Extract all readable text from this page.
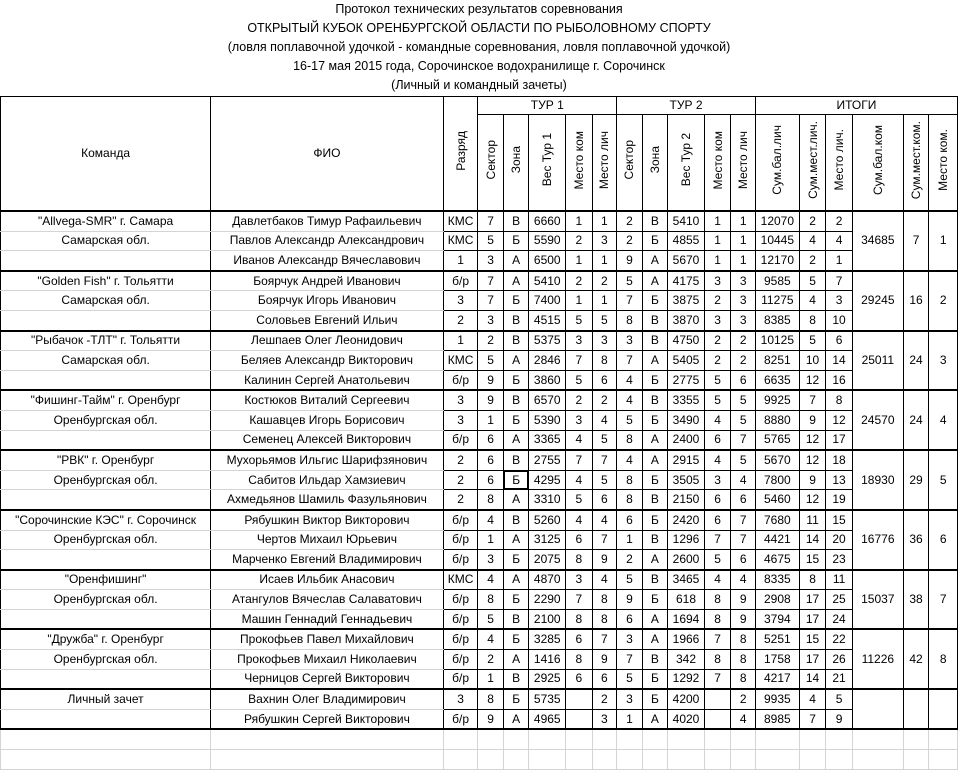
Протокол технических результатов соревнования
ОТКРЫТЫЙ КУБОК ОРЕНБУРГСКОЙ ОБЛАСТИ ПО РЫБОЛОВНОМУ СПОРТУ
(ловля поплавочной удочкой - командные соревнования, ловля поплавочной удочкой)
16-17 мая 2015 года, Сорочинское водохранилище г. Сорочинск
(Личный и командный зачеты)
Команда	ФИО	Разряд	ТУР 1					ТУР 2					ИТОГИ					
			Сектор	Зона	Вес Тур 1	Место ком	Место лич	Сектор	Зона	Вес Тур 2	Место ком	Место лич	Сум.бал.лич	Сум.мест.лич.	Место лич.	Сум.бал.ком	Сум.мест.ком.	Место ком.
"Allvega-SMR" г. Самара	Давлетбаков Тимур Рафаильевич	КМС	7	В	6660	1	1	2	В	5410	1	1	12070	2	2	34685	7	1
Самарская обл.	Павлов Александр Александрович	КМС	5	Б	5590	2	3	2	Б	4855	1	1	10445	4	4			
	Иванов Александр Вячеславович	1	3	А	6500	1	1	9	А	5670	1	1	12170	2	1			
"Golden Fish" г. Тольятти	Боярчук Андрей Иванович	б/р	7	А	5410	2	2	5	А	4175	3	3	9585	5	7	29245	16	2
Самарская обл.	Боярчук Игорь Иванович	3	7	Б	7400	1	1	7	Б	3875	2	3	11275	4	3			
	Соловьев Евгений Ильич	2	3	В	4515	5	5	8	В	3870	3	3	8385	8	10			
"Рыбачок -ТЛТ" г. Тольятти	Лешпаев Олег Леонидович	1	2	В	5375	3	3	3	В	4750	2	2	10125	5	6	25011	24	3
Самарская обл.	Беляев Александр Викторович	КМС	5	А	2846	7	8	7	А	5405	2	2	8251	10	14			
	Калинин Сергей Анатольевич	б/р	9	Б	3860	5	6	4	Б	2775	5	6	6635	12	16			
"Фишинг-Тайм" г. Оренбург	Костюков Виталий Сергеевич	3	9	В	6570	2	2	4	В	3355	5	5	9925	7	8	24570	24	4
Оренбургская обл.	Кашавцев Игорь Борисович	3	1	Б	5390	3	4	5	Б	3490	4	5	8880	9	12			
	Семенец Алексей Викторович	б/р	6	А	3365	4	5	8	А	2400	6	7	5765	12	17			
"РВК" г. Оренбург	Мухорьямов Ильгис Шарифзянович	2	6	В	2755	7	7	4	А	2915	4	5	5670	12	18	18930	29	5
Оренбургская обл.	Сабитов Ильдар Хамзиевич	2	6	Б	4295	4	5	8	Б	3505	3	4	7800	9	13			
	Ахмедьянов Шамиль Фазульянович	2	8	А	3310	5	6	8	В	2150	6	6	5460	12	19			
"Сорочинские КЭС" г. Сорочинск	Рябушкин Виктор Викторович	б/р	4	В	5260	4	4	6	Б	2420	6	7	7680	11	15	16776	36	6
Оренбургская обл.	Чертов Михаил Юрьевич	б/р	1	А	3125	6	7	1	В	1296	7	7	4421	14	20			
	Марченко Евгений Владимирович	б/р	3	Б	2075	8	9	2	А	2600	5	6	4675	15	23			
"Оренфишинг"	Исаев Ильбик Анасович	КМС	4	А	4870	3	4	5	В	3465	4	4	8335	8	11	15037	38	7
Оренбургская обл.	Атангулов Вячеслав Салаватович	б/р	8	Б	2290	7	8	9	Б	618	8	9	2908	17	25			
	Машин Геннадий Геннадьевич	б/р	5	В	2100	8	8	6	А	1694	8	9	3794	17	24			
"Дружба" г. Оренбург	Прокофьев Павел Михайлович	б/р	4	Б	3285	6	7	3	А	1966	7	8	5251	15	22	11226	42	8
Оренбургская обл.	Прокофьев Михаил Николаевич	б/р	2	А	1416	8	9	7	В	342	8	8	1758	17	26			
	Черницов Сергей Викторович	б/р	1	В	2925	6	6	5	Б	1292	7	8	4217	14	21			
Личный зачет	Вахнин Олег Владимирович	3	8	Б	5735		2	3	Б	4200		2	9935	4	5			
	Рябушкин Сергей Викторович	б/р	9	А	4965		3	1	А	4020		4	8985	7	9			
